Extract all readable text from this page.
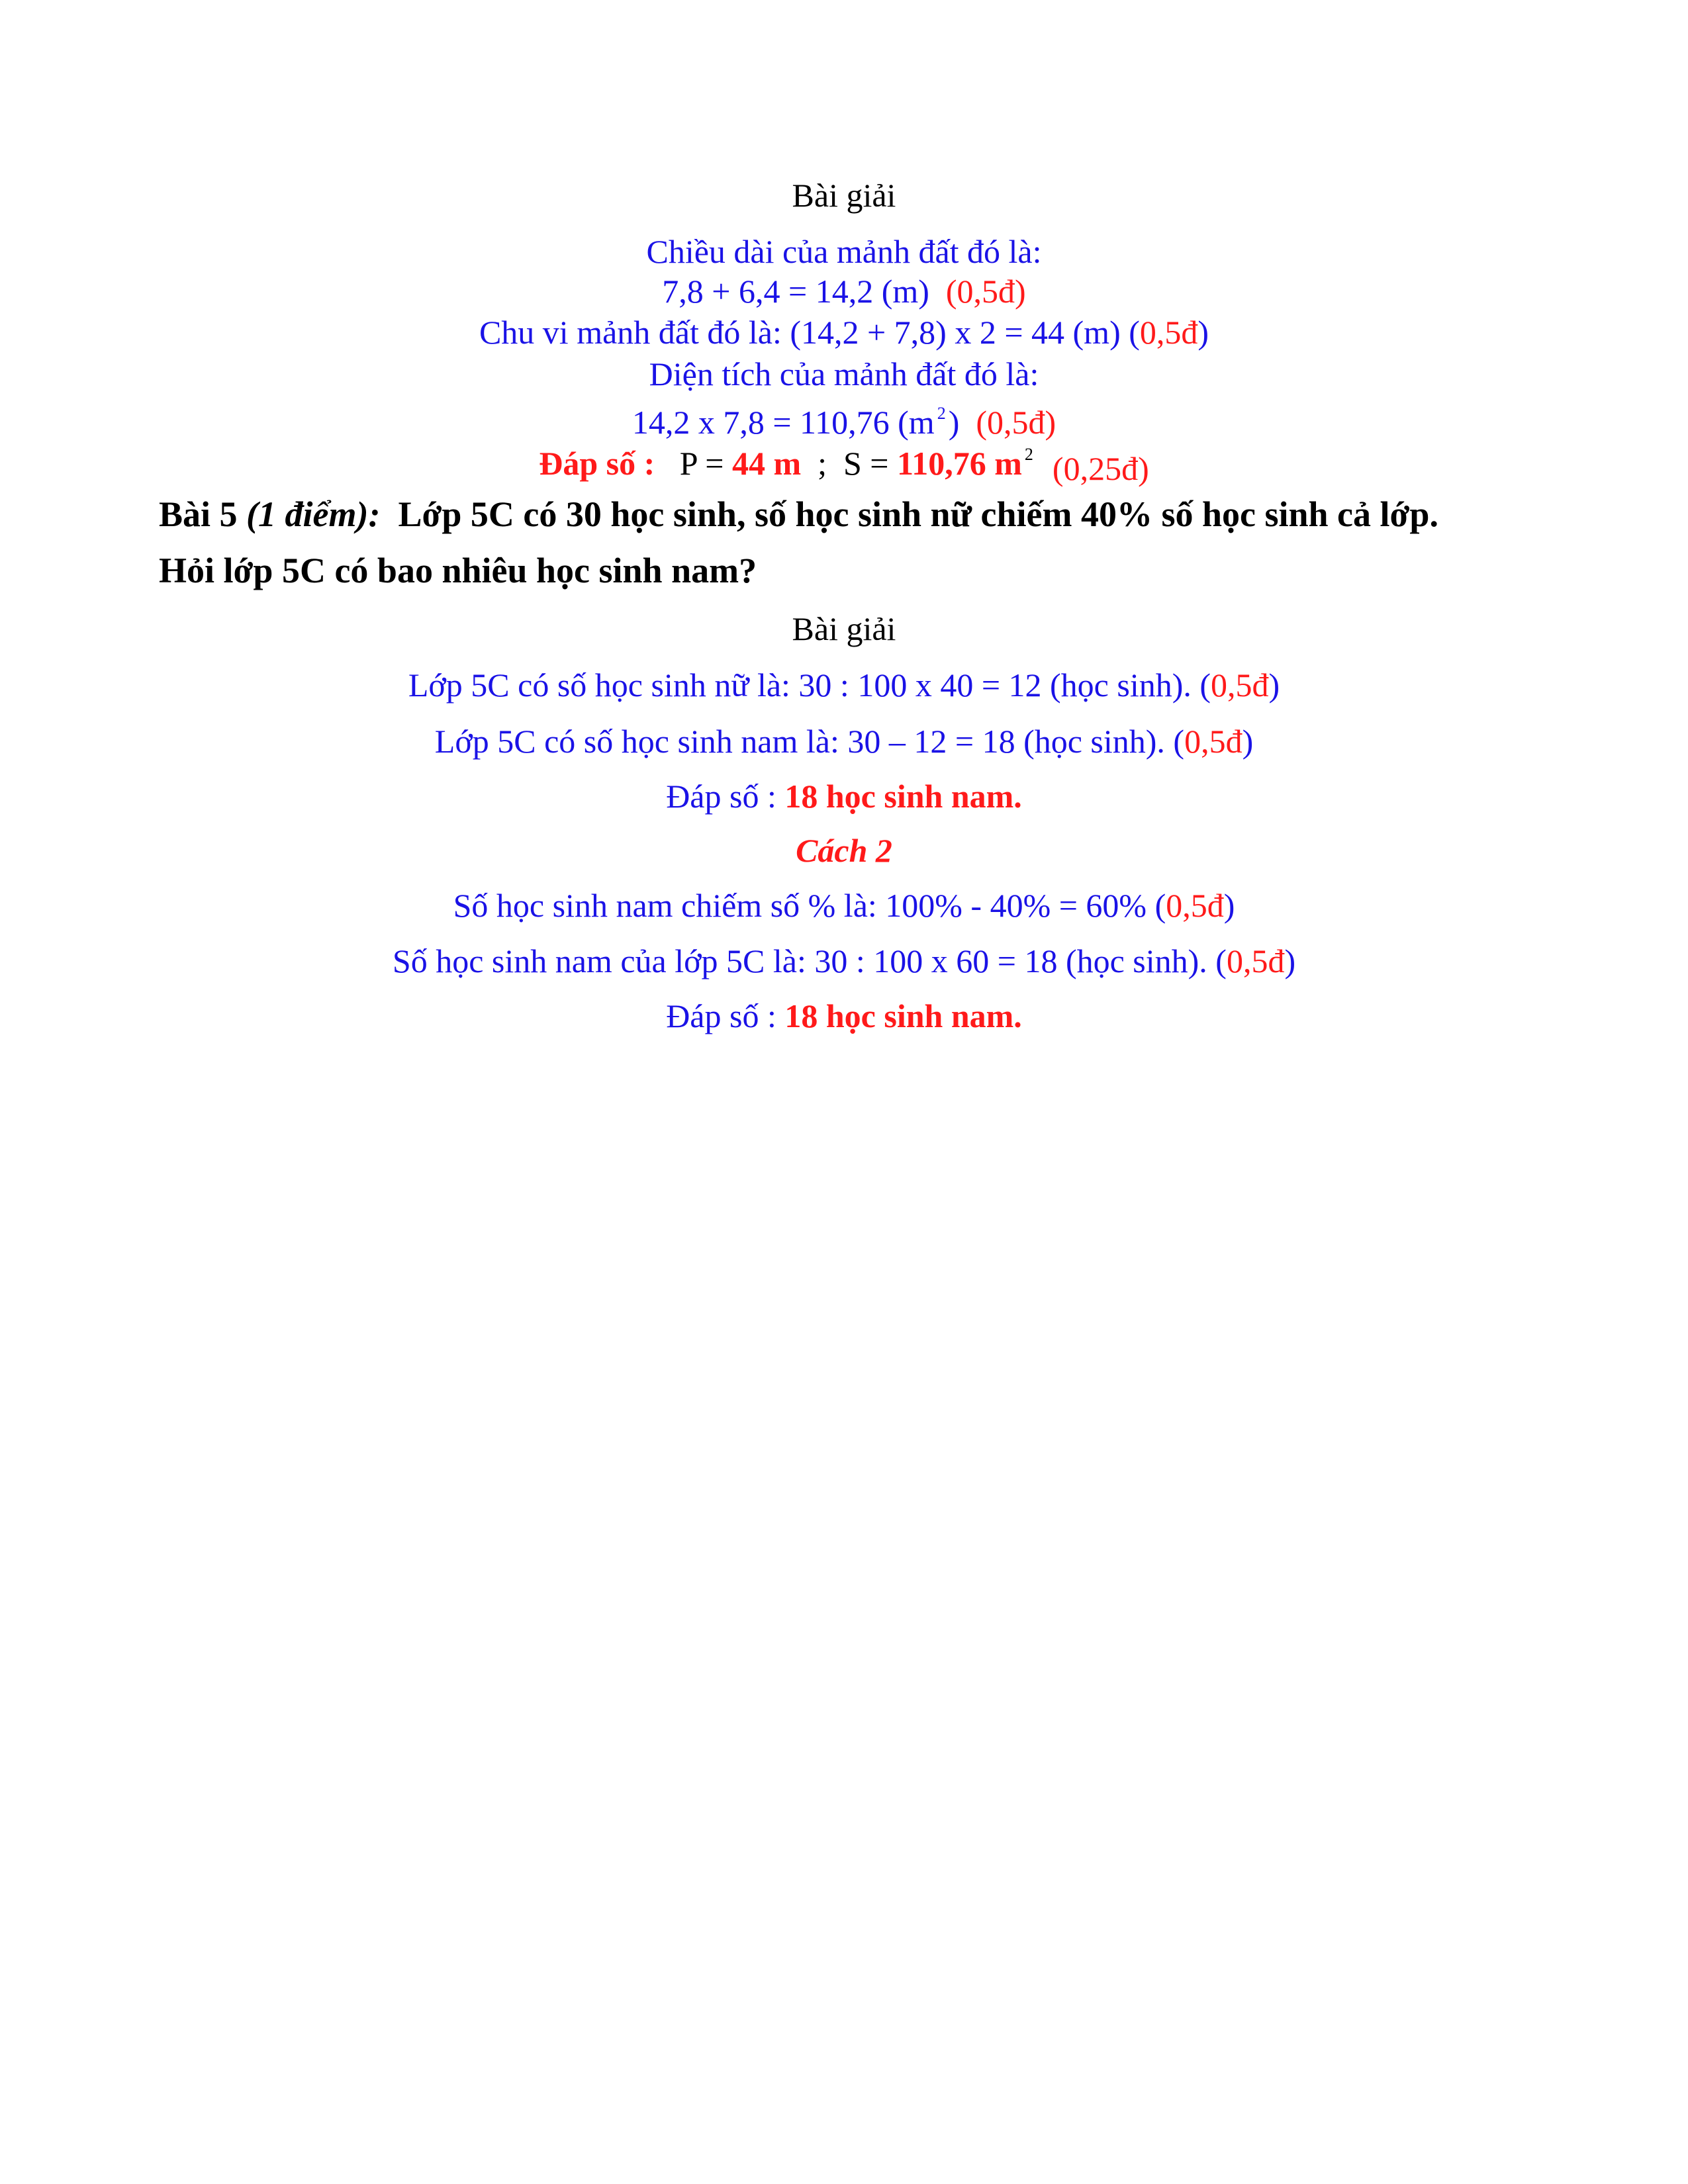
Bài giải
Chiều dài của mảnh đất đó là:
7,8 + 6,4 = 14,2 (m) (0,5đ)
Chu vi mảnh đất đó là: (14,2 + 7,8) x 2 = 44 (m) (0,5đ)
Diện tích của mảnh đất đó là:
14,2 x 7,8 = 110,76 (m $^2$) (0,5đ)
Đáp số : P = 44 m ; S = 110,76 m $^2$ (0,25đ)
Bài 5 (1 điểm): Lớp 5C có 30 học sinh, số học sinh nữ chiếm 40% số học sinh cả lớp.
Hỏi lớp 5C có bao nhiêu học sinh nam?
Bài giải
Lớp 5C có số học sinh nữ là: 30 : 100 x 40 = 12 (học sinh). (0,5đ)
Lớp 5C có số học sinh nam là: 30 – 12 = 18 (học sinh). (0,5đ)
Đáp số : 18 học sinh nam.
Cách 2
Số học sinh nam chiếm số % là: 100% - 40% = 60% (0,5đ)
Số học sinh nam của lớp 5C là: 30 : 100 x 60 = 18 (học sinh). (0,5đ)
Đáp số : 18 học sinh nam.
